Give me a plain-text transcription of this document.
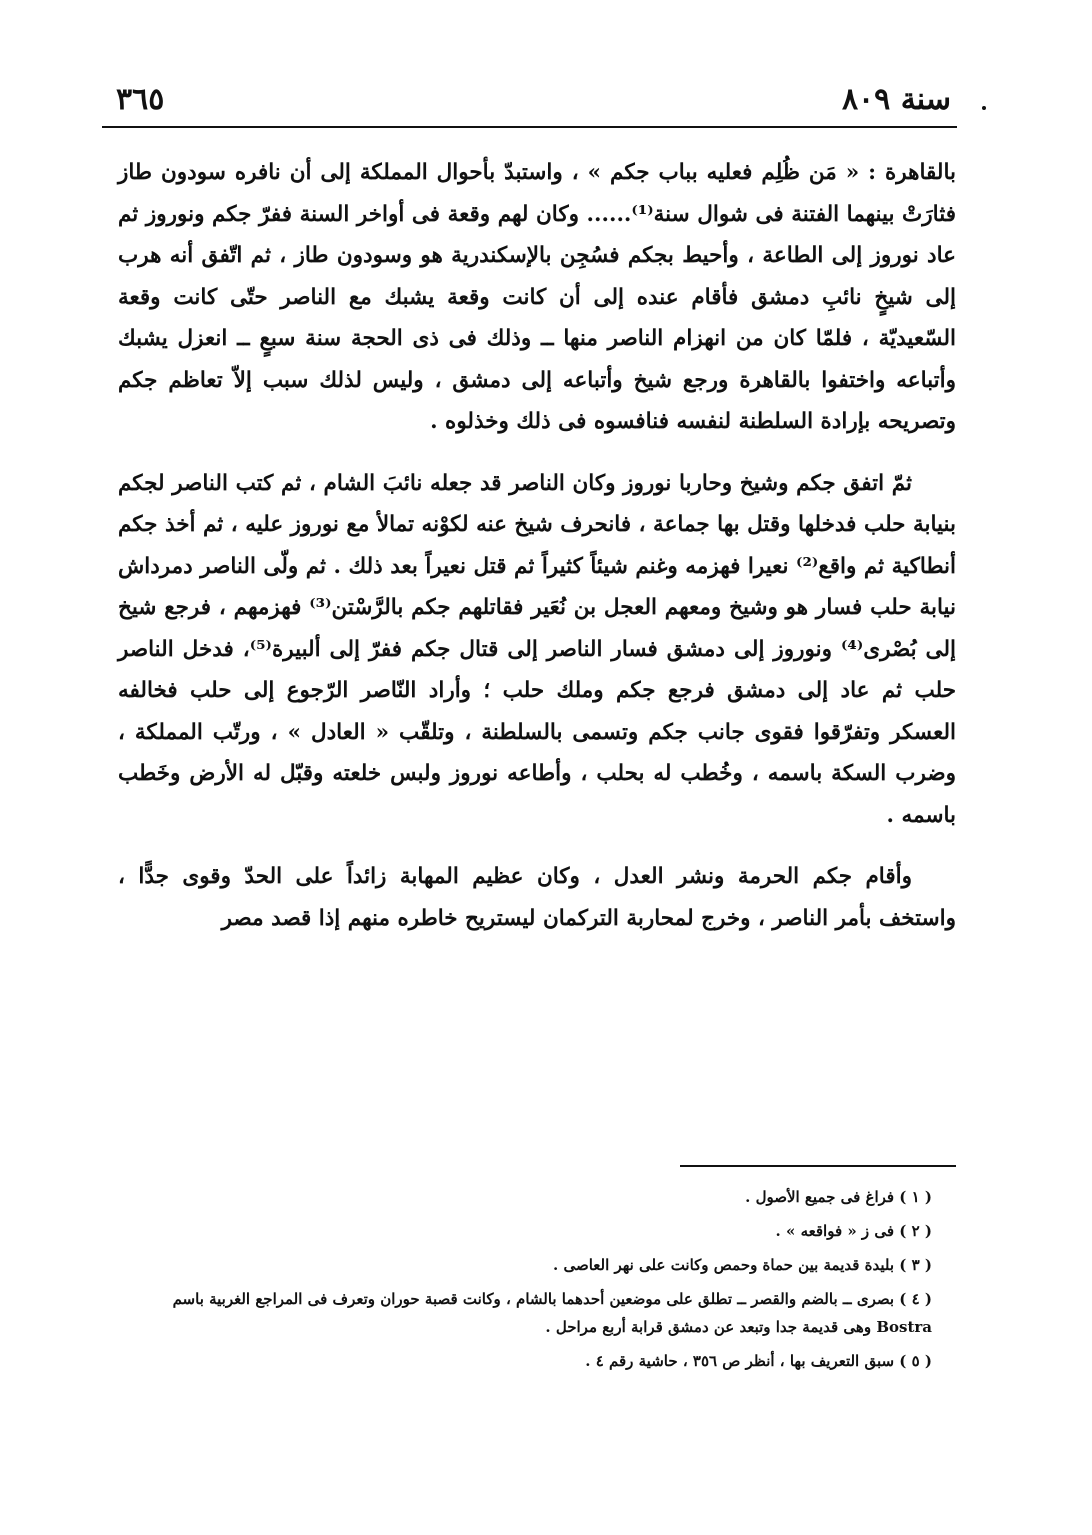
سنة ٨٠٩
٣٦٥

بالقاهرة : « مَن ظُلِم فعليه بباب جكم » ، واستبدّ بأحوال المملكة إلى أن نافره سودون طاز فثارَتْ بينهما الفتنة فى شوال سنة⁽¹⁾...... وكان لهم وقعة فى أواخر السنة ففرّ جكم ونوروز ثم عاد نوروز إلى الطاعة ، وأحيط بجكم فسُجِن بالإسكندرية هو وسودون طاز ، ثم اتّفق أنه هرب إلى شيخٍ نائبِ دمشق فأقام عنده إلى أن كانت وقعة يشبك مع الناصر حتّى كانت وقعة السّعيديّة ، فلمّا كان من انهزام الناصر منها ــ وذلك فى ذى الحجة سنة سبعٍ ــ انعزل يشبك وأتباعه واختفوا بالقاهرة ورجع شيخ وأتباعه إلى دمشق ، وليس لذلك سبب إلاّ تعاظم جكم وتصريحه بإرادة السلطنة لنفسه فنافسوه فى ذلك وخذلوه .

ثمّ اتفق جكم وشيخ وحاربا نوروز وكان الناصر قد جعله نائبَ الشام ، ثم كتب الناصر لجكم بنيابة حلب فدخلها وقتل بها جماعة ، فانحرف شيخ عنه لكوْنه تمالأ مع نوروز عليه ، ثم أخذ جكم أنطاكية ثم واقع⁽²⁾ نعيرا فهزمه وغنم شيئاً كثيراً ثم قتل نعيراً بعد ذلك . ثم ولّى الناصر دمرداش نيابة حلب فسار هو وشيخ ومعهم العجل بن نُعَير فقاتلهم جكم بالرَّسْتن⁽³⁾ فهزمهم ، فرجع شيخ إلى بُصْرى⁽⁴⁾ ونوروز إلى دمشق فسار الناصر إلى قتال جكم ففرّ إلى ألبيرة⁽⁵⁾، فدخل الناصر حلب ثم عاد إلى دمشق فرجع جكم وملك حلب ؛ وأراد النّاصر الرّجوع إلى حلب فخالفه العسكر وتفرّقوا فقوى جانب جكم وتسمى بالسلطنة ، وتلقّب « العادل » ، ورتّب المملكة ، وضرب السكة باسمه ، وخُطب له بحلب ، وأطاعه نوروز ولبس خلعته وقبّل له الأرض وخَطب باسمه .

وأقام جكم الحرمة ونشر العدل ، وكان عظيم المهابة زائداً على الحدّ وقوى جدًّا ، واستخف بأمر الناصر ، وخرج لمحاربة التركمان ليستريح خاطره منهم إذا قصد مصر

( ١ ) فراغ فى جميع الأصول .
( ٢ ) فى ز « فواقعه » .
( ٣ ) بليدة قديمة بين حماة وحمص وكانت على نهر العاصى .
( ٤ ) بصرى ــ بالضم والقصر ــ تطلق على موضعين أحدهما بالشام ، وكانت قصبة حوران وتعرف فى المراجع الغربية باسم Bostra وهى قديمة جدا وتبعد عن دمشق قرابة أربع مراحل .
( ٥ ) سبق التعريف بها ، أنظر ص ٣٥٦ ، حاشية رقم ٤ .
